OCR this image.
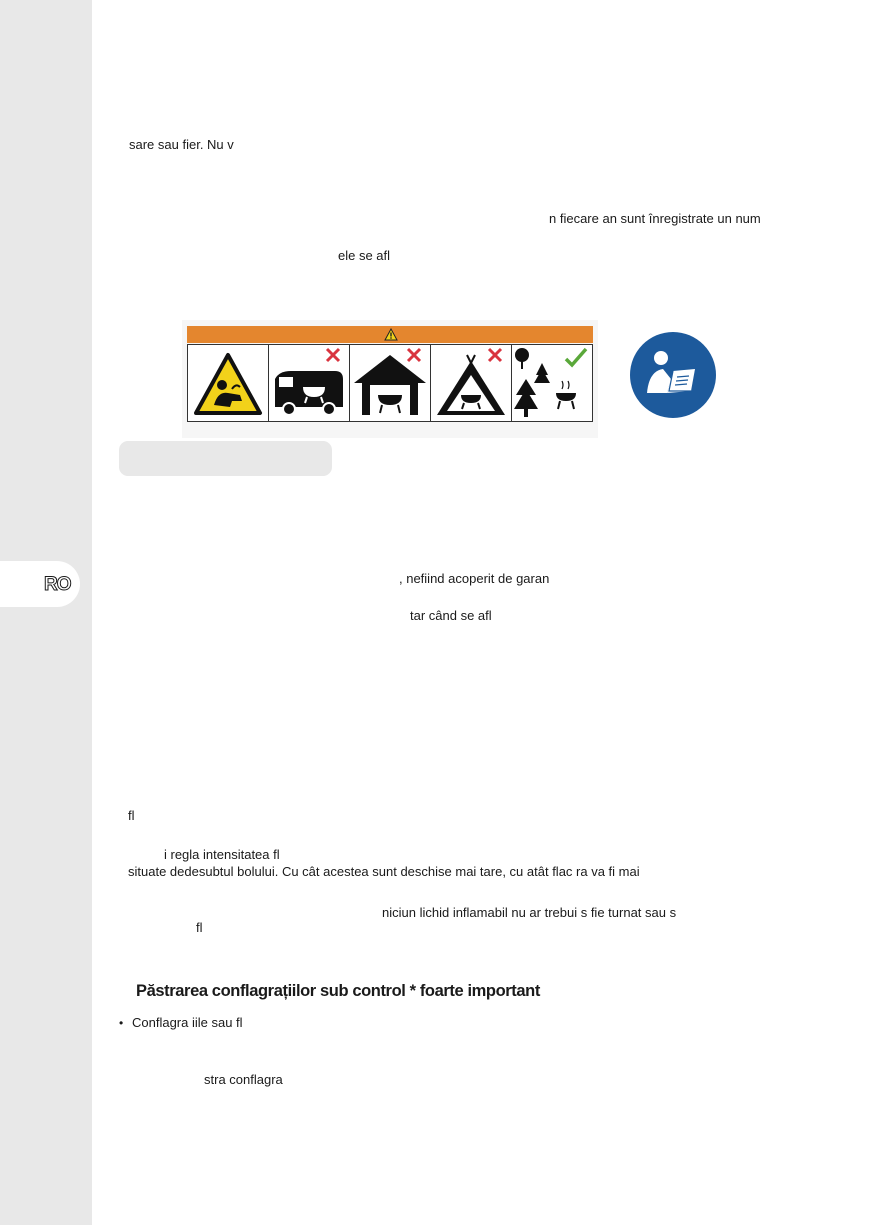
RO
sare sau fier. Nu v
n fiecare an sunt înregistrate un num
ele se afl
, nefiind acoperit de garan
tar când se afl
fl
i regla intensitatea fl
situate dedesubtul bolului. Cu cât acestea sunt deschise mai tare, cu atât flac ra va fi mai
niciun lichid inflamabil nu ar trebui s fie turnat sau s
fl
Păstrarea conflagrațiilor sub control * foarte important
• Conflagra iile sau fl
stra conflagra
